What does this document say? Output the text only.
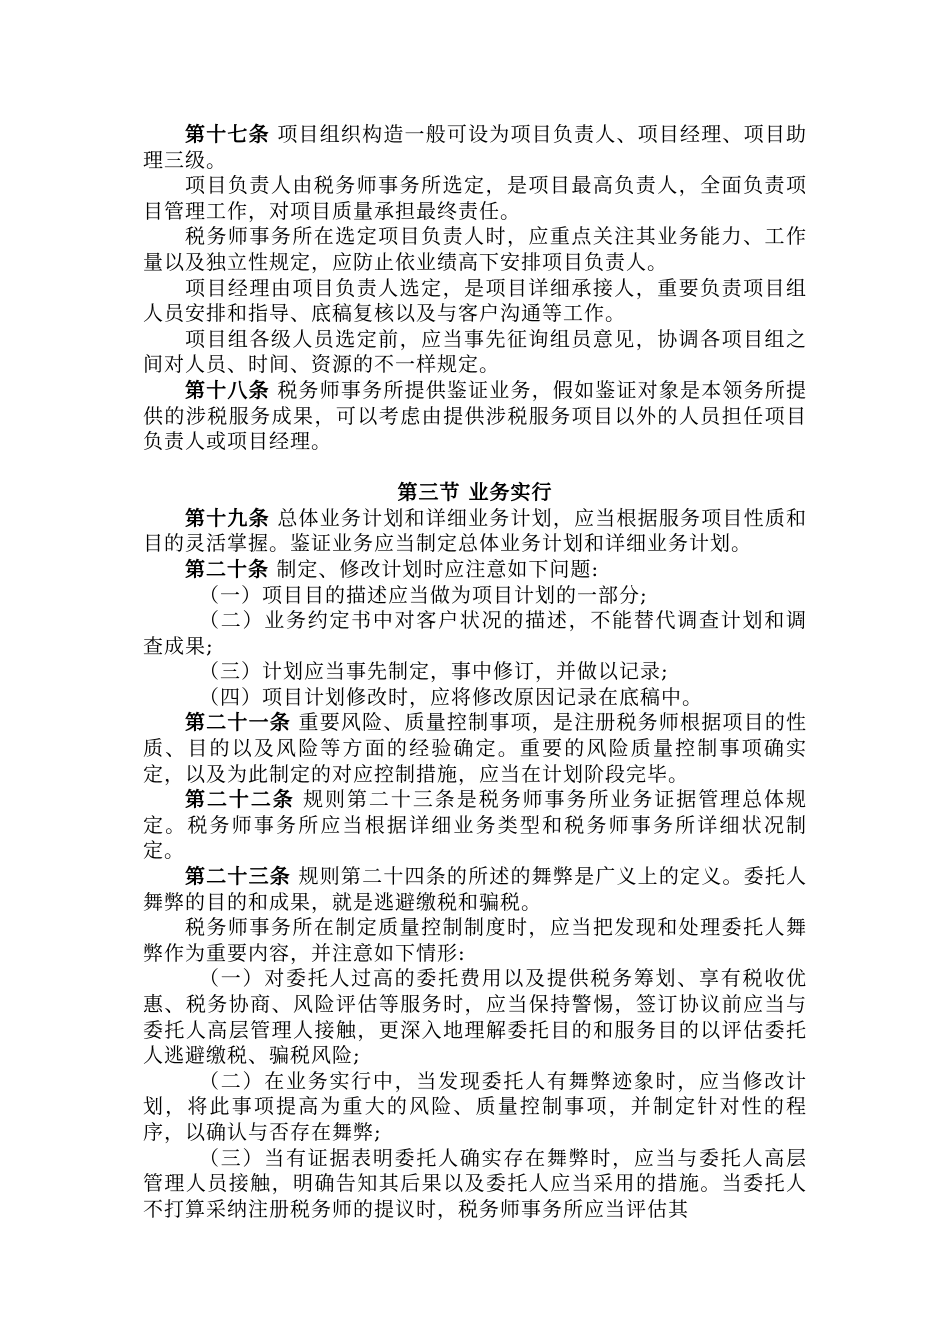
第十七条 项目组织构造一般可设为项目负责人、项目经理、项目助理三级。

项目负责人由税务师事务所选定，是项目最高负责人，全面负责项目管理工作，对项目质量承担最终责任。

税务师事务所在选定项目负责人时，应重点关注其业务能力、工作量以及独立性规定，应防止依业绩高下安排项目负责人。

项目经理由项目负责人选定，是项目详细承接人，重要负责项目组人员安排和指导、底稿复核以及与客户沟通等工作。

项目组各级人员选定前，应当事先征询组员意见，协调各项目组之间对人员、时间、资源的不一样规定。

第十八条 税务师事务所提供鉴证业务，假如鉴证对象是本领务所提供的涉税服务成果，可以考虑由提供涉税服务项目以外的人员担任项目负责人或项目经理。

第三节 业务实行

第十九条 总体业务计划和详细业务计划，应当根据服务项目性质和目的灵活掌握。鉴证业务应当制定总体业务计划和详细业务计划。

第二十条 制定、修改计划时应注意如下问题:

（一）项目目的描述应当做为项目计划的一部分;

（二）业务约定书中对客户状况的描述，不能替代调查计划和调查成果;

（三）计划应当事先制定，事中修订，并做以记录;

（四）项目计划修改时，应将修改原因记录在底稿中。

第二十一条 重要风险、质量控制事项，是注册税务师根据项目的性质、目的以及风险等方面的经验确定。重要的风险质量控制事项确实定，以及为此制定的对应控制措施，应当在计划阶段完毕。

第二十二条 规则第二十三条是税务师事务所业务证据管理总体规定。税务师事务所应当根据详细业务类型和税务师事务所详细状况制定。

第二十三条 规则第二十四条的所述的舞弊是广义上的定义。委托人舞弊的目的和成果，就是逃避缴税和骗税。

税务师事务所在制定质量控制制度时，应当把发现和处理委托人舞弊作为重要内容，并注意如下情形:

（一）对委托人过高的委托费用以及提供税务筹划、享有税收优惠、税务协商、风险评估等服务时，应当保持警惕，签订协议前应当与委托人高层管理人接触，更深入地理解委托目的和服务目的以评估委托人逃避缴税、骗税风险;

（二）在业务实行中，当发现委托人有舞弊迹象时，应当修改计划，将此事项提高为重大的风险、质量控制事项，并制定针对性的程序，以确认与否存在舞弊;

（三）当有证据表明委托人确实存在舞弊时，应当与委托人高层管理人员接触，明确告知其后果以及委托人应当采用的措施。当委托人不打算采纳注册税务师的提议时，税务师事务所应当评估其
